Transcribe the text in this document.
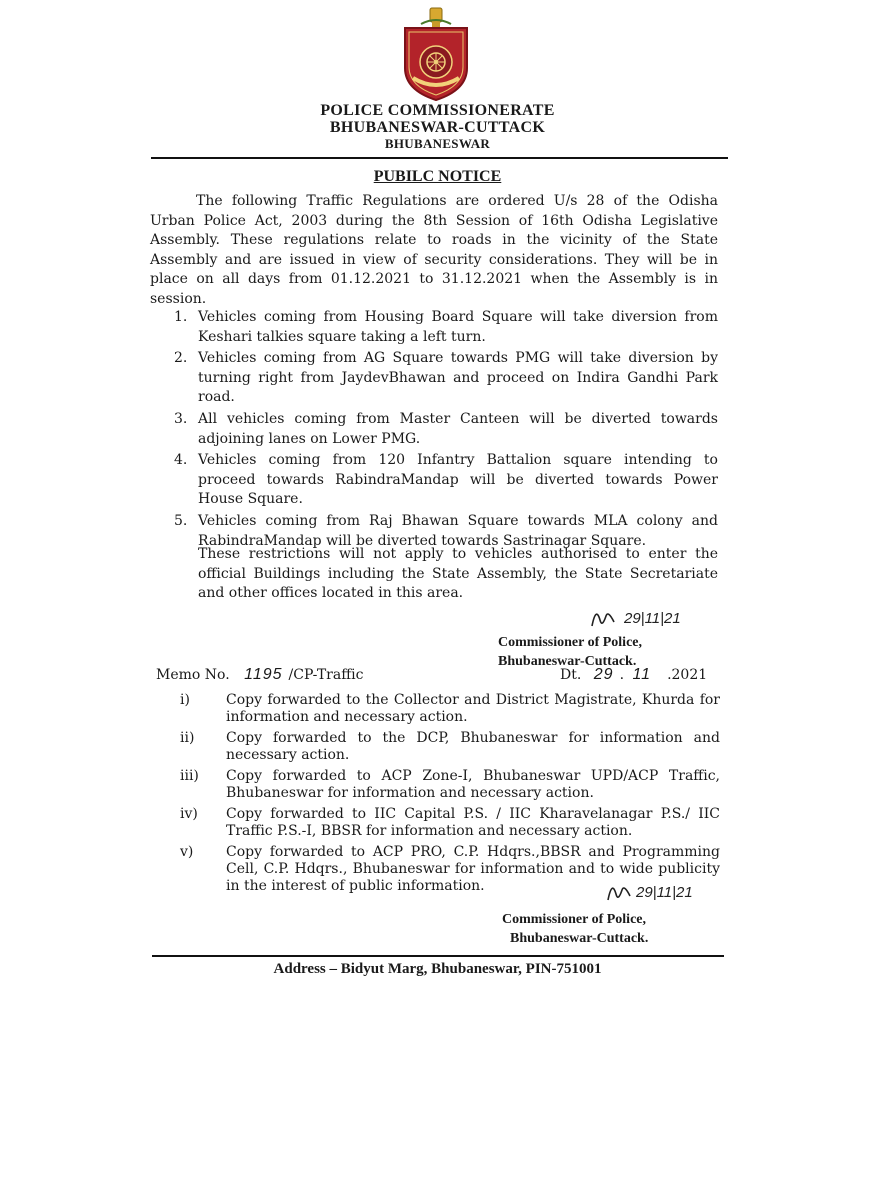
POLICE COMMISSIONERATE
BHUBANESWAR-CUTTACK
BHUBANESWAR
PUBILC NOTICE
The following Traffic Regulations are ordered U/s 28 of the Odisha Urban Police Act, 2003 during the 8th Session of 16th Odisha Legislative Assembly. These regulations relate to roads in the vicinity of the State Assembly and are issued in view of security considerations. They will be in place on all days from 01.12.2021 to 31.12.2021 when the Assembly is in session.
1. Vehicles coming from Housing Board Square will take diversion from Keshari talkies square taking a left turn.
2. Vehicles coming from AG Square towards PMG will take diversion by turning right from JaydevBhawan and proceed on Indira Gandhi Park road.
3. All vehicles coming from Master Canteen will be diverted towards adjoining lanes on Lower PMG.
4. Vehicles coming from 120 Infantry Battalion square intending to proceed towards RabindraMandap will be diverted towards Power House Square.
5. Vehicles coming from Raj Bhawan Square towards MLA colony and RabindraMandap will be diverted towards Sastrinagar Square.
These restrictions will not apply to vehicles authorised to enter the official Buildings including the State Assembly, the State Secretariate and other offices located in this area.
29|11|21
Commissioner of Police,
Bhubaneswar-Cuttack.
Memo No. 1195 /CP-Traffic	Dt. 29 . 11 .2021
i)	Copy forwarded to the Collector and District Magistrate, Khurda for information and necessary action.
ii) Copy forwarded to the DCP, Bhubaneswar for information and necessary action.
iii) Copy forwarded to ACP Zone-I, Bhubaneswar UPD/ACP Traffic, Bhubaneswar for information and necessary action.
iv) Copy forwarded to IIC Capital P.S. / IIC Kharavelanagar P.S./ IIC Traffic P.S.-I, BBSR for information and necessary action.
v) Copy forwarded to ACP PRO, C.P. Hdqrs.,BBSR and Programming Cell, C.P. Hdqrs., Bhubaneswar for information and to wide publicity in the interest of public information.	29|11|21
Commissioner of Police,
Bhubaneswar-Cuttack.
Address – Bidyut Marg, Bhubaneswar, PIN-751001
